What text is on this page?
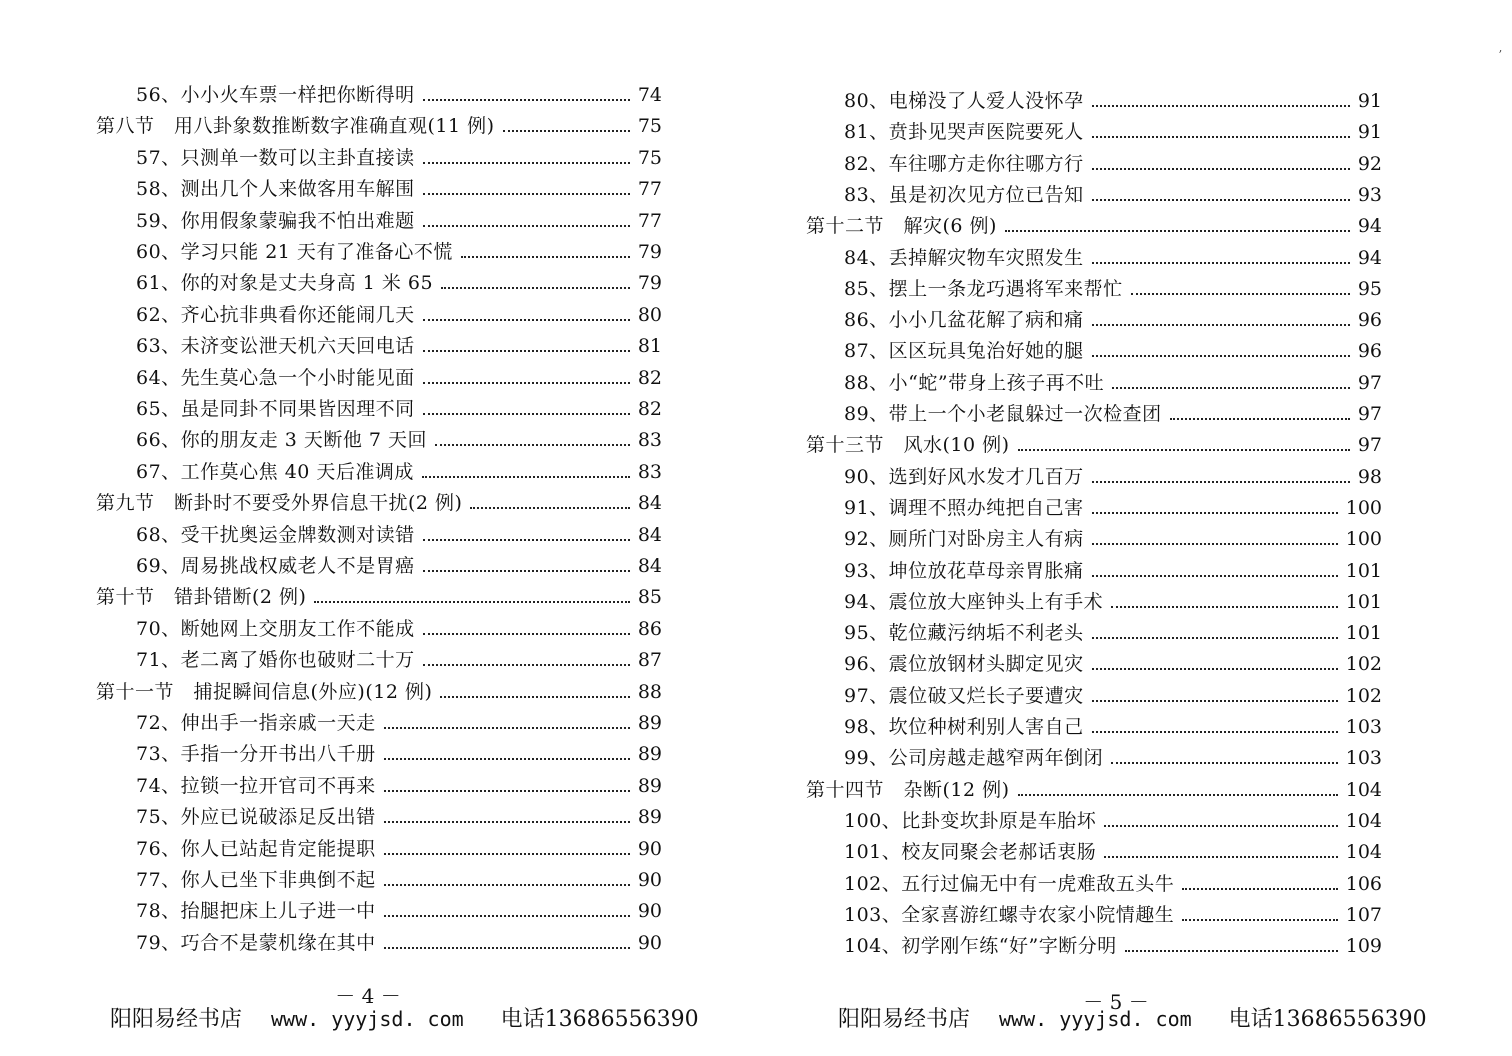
56、小小火车票一样把你断得明	74
第八节　用八卦象数推断数字准确直观(11 例)	75
57、只测单一数可以主卦直接读	75
58、测出几个人来做客用车解围	77
59、你用假象蒙骗我不怕出难题	77
60、学习只能 21 天有了准备心不慌	79
61、你的对象是丈夫身高 1 米 65	79
62、齐心抗非典看你还能闹几天	80
63、未济变讼泄天机六天回电话	81
64、先生莫心急一个小时能见面	82
65、虽是同卦不同果皆因理不同	82
66、你的朋友走 3 天断他 7 天回	83
67、工作莫心焦 40 天后准调成	83
第九节　断卦时不要受外界信息干扰(2 例)	84
68、受干扰奥运金牌数测对读错	84
69、周易挑战权威老人不是胃癌	84
第十节　错卦错断(2 例)	85
70、断她网上交朋友工作不能成	86
71、老二离了婚你也破财二十万	87
第十一节　捕捉瞬间信息(外应)(12 例)	88
72、伸出手一指亲戚一天走	89
73、手指一分开书出八千册	89
74、拉锁一拉开官司不再来	89
75、外应已说破添足反出错	89
76、你人已站起肯定能提职	90
77、你人已坐下非典倒不起	90
78、抬腿把床上儿子进一中	90
79、巧合不是蒙机缘在其中	90
－ 4 －
阳阳易经书店 www. yyyjsd. com 电话13686556390
80、电梯没了人爱人没怀孕	91
81、贲卦见哭声医院要死人	91
82、车往哪方走你往哪方行	92
83、虽是初次见方位已告知	93
第十二节　解灾(6 例)	94
84、丢掉解灾物车灾照发生	94
85、摆上一条龙巧遇将军来帮忙	95
86、小小几盆花解了病和痛	96
87、区区玩具兔治好她的腿	96
88、小“蛇”带身上孩子再不吐	97
89、带上一个小老鼠躲过一次检查团	97
第十三节　风水(10 例)	97
90、选到好风水发才几百万	98
91、调理不照办纯把自己害	100
92、厕所门对卧房主人有病	100
93、坤位放花草母亲胃胀痛	101
94、震位放大座钟头上有手术	101
95、乾位藏污纳垢不利老头	101
96、震位放钢材头脚定见灾	102
97、震位破又烂长子要遭灾	102
98、坎位种树利别人害自己	103
99、公司房越走越窄两年倒闭	103
第十四节　杂断(12 例)	104
100、比卦变坎卦原是车胎坏	104
101、校友同聚会老郝话衷肠	104
102、五行过偏无中有一虎难敌五头牛	106
103、全家喜游红螺寺农家小院情趣生	107
104、初学刚乍练“好”字断分明	109
－ 5 －
阳阳易经书店 www. yyyjsd. com 电话13686556390
ʼ
